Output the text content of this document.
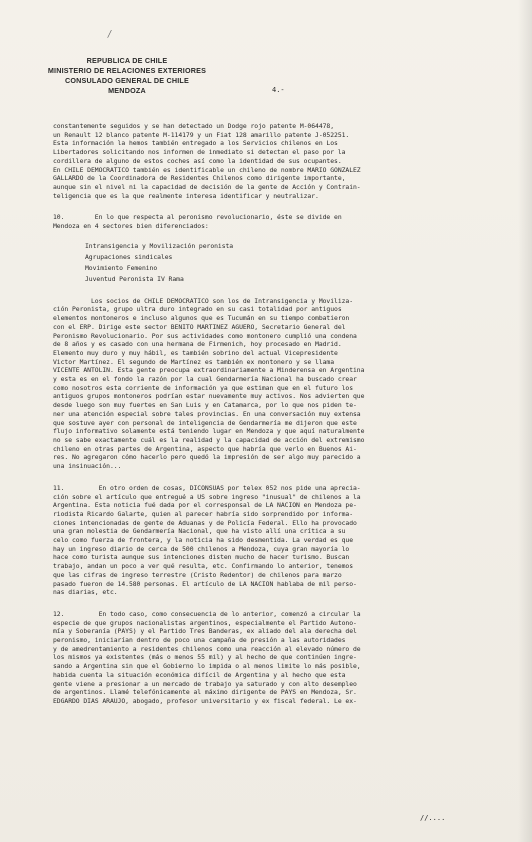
/
REPUBLICA DE CHILE
MINISTERIO DE RELACIONES EXTERIORES
CONSULADO GENERAL DE CHILE
MENDOZA	4.-
constantemente seguidos y se han detectado un Dodge rojo patente M-064478,
un Renault 12 blanco patente M-114179 y un Fiat 128 amarillo patente J-052251.
Esta información la hemos también entregado a los Servicios chilenos en Los
Libertadores solicitando nos informen de inmediato si detectan el paso por la
cordillera de alguno de estos coches así como la identidad de sus ocupantes.
En CHILE DEMOCRATICO también es identificable un chileno de nombre MARIO GONZALEZ
GALLARDO de la Coordinadora de Residentes Chilenos como dirigente importante,
aunque sin el nivel ni la capacidad de decisión de la gente de Acción y Contrain-
teligencia que es la que realmente interesa identificar y neutralizar.
10.        En lo que respecta al peronismo revolucionario, éste se divide en
Mendoza en 4 sectores bien diferenciados:
Intransigencia y Movilización peronista
Agrupaciones sindicales
Movimiento Femenino
Juventud Peronista IV Rama
Los socios de CHILE DEMOCRATICO son los de Intransigencia y Moviliza-
ción Peronista, grupo ultra duro integrado en su casi totalidad por antiguos
elementos montoneros e incluso algunos que es Tucumán en su tiempo combatieron
con el ERP. Dirige este sector BENITO MARTINEZ AGUERO, Secretario General del
Peronismo Revolucionario. Por sus actividades como montonero cumplió una condena
de 8 años y es casado con una hermana de Firmenich, hoy procesado en Madrid.
Elemento muy duro y muy hábil, es también sobrino del actual Vicepresidente
Victor Martínez. El segundo de Martínez es también ex montonero y se llama
VICENTE ANTOLIN. Esta gente preocupa extraordinariamente a Minderensa en Argentina
y esta es en el fondo la razón por la cual Gendarmería Nacional ha buscado crear
como nosotros esta corriente de información ya que estiman que en el futuro los
antiguos grupos montoneros podrían estar nuevamente muy activos. Nos advierten que
desde luego son muy fuertes en San Luis y en Catamarca, por lo que nos piden te-
ner una atención especial sobre tales provincias. En una conversación muy extensa
que sostuve ayer con personal de inteligencia de Gendarmería me dijeron que este
flujo informativo solamente está teniendo lugar en Mendoza y que aquí naturalmente
no se sabe exactamente cuál es la realidad y la capacidad de acción del extremismo
chileno en otras partes de Argentina, aspecto que habría que verlo en Buenos Ai-
res. No agregaron cómo hacerlo pero quedó la impresión de ser algo muy parecido a
una insinuación...
11.         En otro orden de cosas, DICONSUAS por telex 052 nos pide una aprecia-
ción sobre el artículo que entregué a US sobre ingreso "inusual" de chilenos a la
Argentina. Esta noticia fué dada por el corresponsal de LA NACION en Mendoza pe-
riodista Ricardo Galarte, quien al parecer habría sido sorprendido por informa-
ciones intencionadas de gente de Aduanas y de Policía Federal. Ello ha provocado
una gran molestia de Gendarmería Nacional, que ha visto allí una crítica a su
celo como fuerza de frontera, y la noticia ha sido desmentida. La verdad es que
hay un ingreso diario de cerca de 500 chilenos a Mendoza, cuya gran mayoría lo
hace como turista aunque sus intenciones disten mucho de hacer turismo. Buscan
trabajo, andan un poco a ver qué resulta, etc. Confirmando lo anterior, tenemos
que las cifras de ingreso terrestre (Cristo Redentor) de chilenos para marzo
pasado fueron de 14.580 personas. El artículo de LA NACION hablaba de mil perso-
nas diarias, etc.
12.         En todo caso, como consecuencia de lo anterior, comenzó a circular la
especie de que grupos nacionalistas argentinos, especialmente el Partido Autono-
mía y Soberanía (PAYS) y el Partido Tres Banderas, ex aliado del ala derecha del
peronismo, iniciarían dentro de poco una campaña de presión a las autoridades
y de amedrentamiento a residentes chilenos como una reacción al elevado número de
los mismos ya existentes (más o menos 55 mil) y al hecho de que continúen ingre-
sando a Argentina sin que el Gobierno lo impida o al menos limite lo más posible,
habida cuenta la situación económica difícil de Argentina y al hecho que esta
gente viene a presionar a un mercado de trabajo ya saturado y con alto desempleo
de argentinos. Llamé telefónicamente al máximo dirigente de PAYS en Mendoza, Sr.
EDGARDO DIAS ARAUJO, abogado, profesor universitario y ex fiscal federal. Le ex-
//....
